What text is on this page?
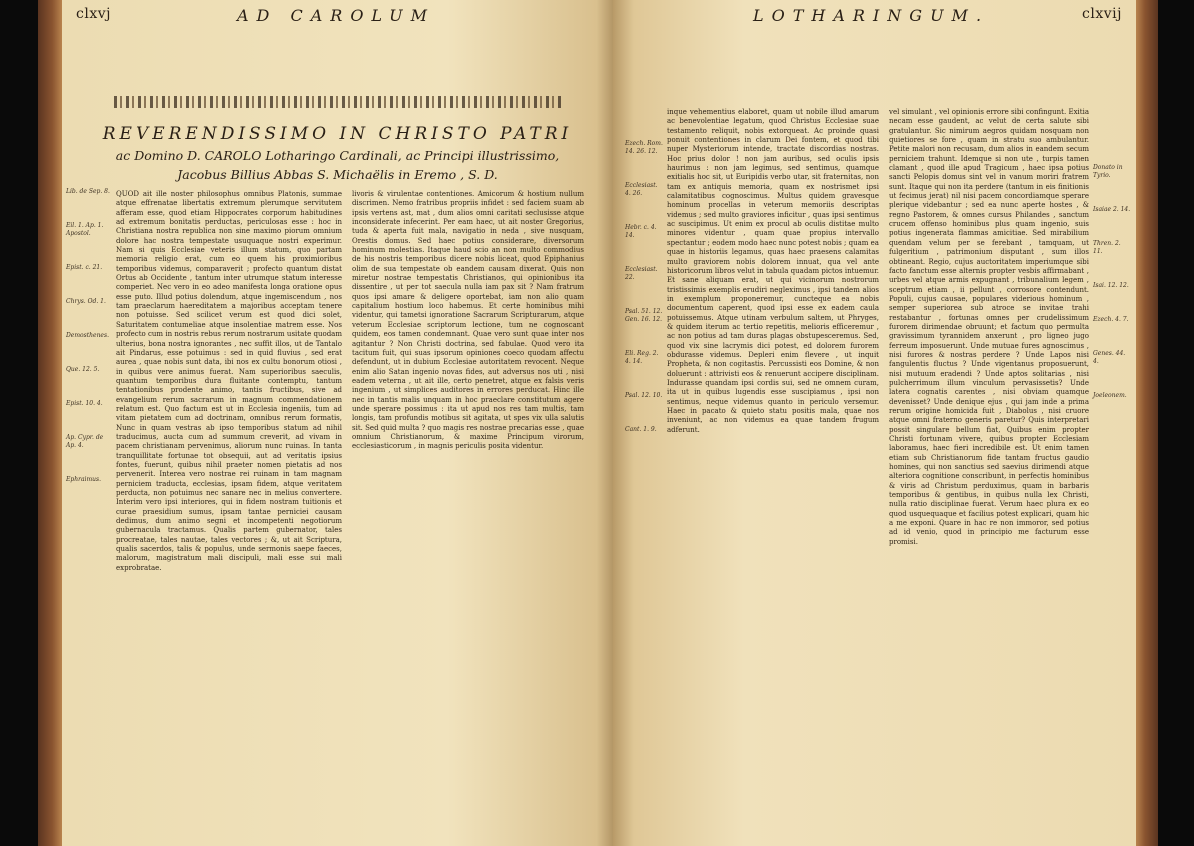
clxvj	AD CAROLUM
REVERENDISSIMO IN CHRISTO PATRI
ac Domino D. CAROLO Lotharingo Cardinali, ac Principi illustrissimo,
Jacobus Billius Abbas S. Michaëlis in Eremo , S. D.
Lib. de Sep. 8.
Eil. 1. Ap. 1. Apostol.
Epist. c. 21.
Chrys. Od. 1.
Demosthenes.
Que. 12. 5.
Epist. 10. 4.
Ap. Cypr. de Ap. 4.
Ephraimus.

QUOD ait ille noster philosophus omnibus Platonis, summae atque effrenatae libertatis extremum plerumque servitutem afferam esse, quod etiam Hippocrates corporum habitudines ad extremum bonitatis perductas, periculosas esse : hoc in Christiana nostra republica non sine maximo piorum omnium dolore hac nostra tempestate usuquaque nostri experimur. Nam si quis Ecclesiae veteris illum statum, quo partam memoria religio erat, cum eo quem his proximioribus temporibus videmus, comparaverit ; profecto quantum distat Ortus ab Occidente , tantum inter utrumque statum interesse comperiet. Nec vero in eo adeo manifesta longa oratione opus esse puto. Illud potius dolendum, atque ingemiscendum , nos tam praeclarum haereditatem a majoribus acceptam tenere non potuisse. Sed scilicet verum est quod dici solet, Saturitatem contumeliae atque insolentiae matrem esse. Nos profecto cum in nostris rebus rerum nostrarum usitate quodam ulterius, bona nostra ignorantes , nec suffit illos, ut de Tantalo ait Pindarus, esse potuimus : sed in quid fluvius , sed erat aurea , quae nobis sunt data, ibi nos ex cultu bonorum otiosi , in quibus vere animus fuerat. Nam superioribus saeculis, quantum temporibus dura fluitante contemptu, tantum tentationibus prodente animo, tantis fructibus, sive ad evangelium rerum sacrarum in magnum commendationem relatum est. Quo factum est ut in Ecclesia ingeniis, tum ad vitam pietatem cum ad doctrinam, omnibus rerum formatis, Nunc in quam vestras ab ipso temporibus statum ad nihil traducimus, aucta cum ad summum creverit, ad vivam in pacem christianam pervenimus, aliorum nunc ruinas. In tanta tranquillitate fortunae tot obsequii, aut ad veritatis ipsius fontes, fuerunt, quibus nihil praeter nomen pietatis ad nos pervenerit. Interea vero nostrae rei ruinam in tam magnam perniciem traducta, ecclesias, ipsam fidem, atque veritatem perducta, non potuimus nec sanare nec in melius convertere. Interim vero ipsi interiores, qui in fidem nostram tuitionis et curae praesidium sumus, ipsam tantae perniciei causam dedimus, dum animo segni et incompetenti negotiorum gubernacula tractamus. Qualis partem gubernator, tales procreatae, tales nautae, tales vectores ; &, ut ait Scriptura, qualis sacerdos, talis & populus, unde sermonis saepe faeces, malorum, magistratum mali discipuli, mali esse sui mali exprobratae.

livoris & virulentae contentiones. Amicorum & hostium nullum discrimen. Nemo fratribus propriis infidet : sed faciem suam ab ipsis vertens ast, mat , dum alios omni caritati seclusisse atque inconsiderate infecerint. Per eam haec, ut ait noster Gregorius, tuda & aperta fuit mala, navigatio in neda , sive nusquam, Orestis domus. Sed haec potius considerare, diversorum hominum molestias. Itaque haud scio an non multo commodius de his nostris temporibus dicere nobis liceat, quod Epiphanius olim de sua tempestate ob eandem causam dixerat. Quis non miretur nostrae tempestatis Christianos, qui opinionibus ita dissentire , ut per tot saecula nulla iam pax sit ? Nam fratrum quos ipsi amare & deligere oportebat, iam non alio quam capitalium hostium loco habemus. Et certe hominibus mihi videntur, qui tametsi ignoratione Sacrarum Scripturarum, atque veterum Ecclesiae scriptorum lectione, tum ne cognoscant quidem, eos tamen condemnant. Quae vero sunt quae inter nos agitantur ? Non Christi doctrina, sed fabulae. Quod vero ita tacitum fuit, qui suas ipsorum opiniones coeco quodam affectu defendunt, ut in dubium Ecclesiae autoritatem revocent. Neque enim alio Satan ingenio novas fides, aut adversus nos uti , nisi eadem veterna , ut ait ille, certo penetret, atque ex falsis veris ingenium , ut simplices auditores in errores perducat. Hinc ille nec in tantis malis unquam in hoc praeclare constitutum agere unde sperare possimus : ita ut apud nos res tam multis, tam longis, tam profundis motibus sit agitata, ut spes vix ulla salutis sit. Sed quid multa ? quo magis res nostrae precarias esse , quae omnium Christianorum, & maxime Principum virorum, ecclesiasticorum , in magnis periculis posita videntur.

LOTHARINGUM.	clxvij
Ezech. Rom. 14. 26. 12.
Ecclesiast. 4. 26.
Hebr. c. 4. 14.
Ecclesiast. 22.
Psal. 51. 12. Gen. 16. 12.
Eli. Reg. 2. 4. 14.
Psal. 12. 10.
Cant. 1. 9.

inque vehementius elaboret, quam ut nobile illud amarum ac benevolentiae legatum, quod Christus Ecclesiae suae testamento reliquit, nobis extorqueat. Ac proinde quasi ponuit contentiones in clarum Dei fontem, et quod tibi nuper Mysteriorum intende, tractate discordias nostras. Hoc prius dolor ! non jam auribus, sed oculis ipsis haurimus : non jam legimus, sed sentimus, quamque exitialis hoc sit, ut Euripidis verbo utar, sit fraternitas, non tam ex antiquis memoria, quam ex nostrismet ipsi calamitatibus cognoscimus. Multus quidem gravesque hominum procellas in veterum memoriis descriptas videmus ; sed multo graviores inficitur , quas ipsi sentimus ac suscipimus. Ut enim ex procul ab oculis distitae multo minores videntur , quam quae propius intervallo spectantur ; eodem modo haec nunc potest nobis ; quam ea quae in historiis legamus, quas haec praesens calamitas multo graviorem nobis dolorem innuat, qua vel ante historicorum libros velut in tabula quadam pictos intuemur. Et sane aliquam erat, ut qui vicinorum nostrorum tristissimis exemplis erudiri negleximus , ipsi tandem alios in exemplum proponeremur, cuncteque ea nobis documentum caperent, quod ipsi esse ex eadem caula potuissemus. Atque utinam verbulum saltem, ut Phryges, & quidem iterum ac tertio repetitis, melioris efficeremur , ac non potius ad tam duras plagas obstupesceremus. Sed, quod vix sine lacrymis dici potest, ed dolorem furorem obdurasse videmus. Depleri enim flevere , ut inquit Propheta, & non cogitastis. Percussisti eos Domine, & non doluerunt : attrivisti eos & renuerunt accipere disciplinam. Indurasse quandam ipsi cordis sui, sed ne omnem curam, ita ut in quibus lugendis esse suscipiamus , ipsi non sentimus, neque videmus quanto in periculo versemur. Haec in pacato & quieto statu positis mala, quae nos inveniunt, ac non videmus ea quae tandem frugum adferunt.

vel simulant , vel opinionis errore sibi confingunt. Exitia necam esse gaudent, ac velut de certa salute sibi gratulantur. Sic nimirum aegros quidam nosquam non quietiores se fore , quam in stratu suo ambulantur. Petite malori non recusam, dum alios in eandem secum perniciem trahunt. Idemque si non ute , turpis tamen clamant , quod ille apud Tragicum , haec ipsa potius sancti Pelopis domus sint vel in vanum moriri fratrem sunt. Itaque qui non ita perdere (tantum in eis finitionis ut fecimus jerat) nil nisi pacem concordiamque sperare plerique videbantur ; sed ea nunc aperte hostes , & regno Pastorem, & omnes cursus Philandes , sanctum crucem offenso hominibus plus quam ingenio, suis potius ingenerata flammas amicitiae. Sed mirabilium quendam velum per se ferebant , tamquam, ut fulgeritium , patrimonium disputant , sum illos obtineant. Regio, cujus auctoritatem imperiumque sibi facto fanctum esse alternis propter vesbis affirmabant , urbes vel atque armis expugnant , tribunalium legem , sceptrum etiam , ii pellunt , corrosore contendunt. Populi, cujus causae, populares viderious hominum , semper superiorea sub atroce se invitae trahi restabantur , fortunas omnes per crudelissimum furorem dirimendae obruunt; et factum quo permulta gravissimum tyrannidem anxerunt , pro ligneo jugo ferreum imposuerunt. Unde mutuae fures agnoscimus , nisi furores & nostras perdere ? Unde Lapos nisi fangulentis fluctus ? Unde vigentanus proposuerunt, nisi mutuum eradendi ? Unde aptos solitarias , nisi pulcherrimum illum vinculum pervasissetis? Unde latera cognatis carentes , nisi obviam quamque devenisset? Unde denique ejus , qui jam inde a prima rerum origine homicida fuit , Diabolus , nisi cruore atque omni fraterno generis paretur? Quis interpretari possit singulare bellum fiat, Quibus enim propter Christi fortunam vivere, quibus propter Ecclesiam laboramus, haec fieri incredibile est. Ut enim tamen etiam sub Christianorum fide tantam fructus gaudio homines, qui non sanctius sed saevius dirimendi atque alteriora cognitione conscribunt, in perfectis hominibus & viris ad Christum perduximus, quam in barbaris temporibus & gentibus, in quibus nulla lex Christi, nulla ratio disciplinae fuerat. Verum haec plura ex eo quod usquequaque et facilius potest explicari, quam hic a me exponi. Quare in hac re non immoror, sed potius ad id venio, quod in principio me facturum esse promisi.

Donato in Tyrio.
Isaiae 2. 14.
Thren. 2. 11.
Isai. 12. 12.
Ezech. 4. 7.
Genes. 44. 4.
Joeleonem.
